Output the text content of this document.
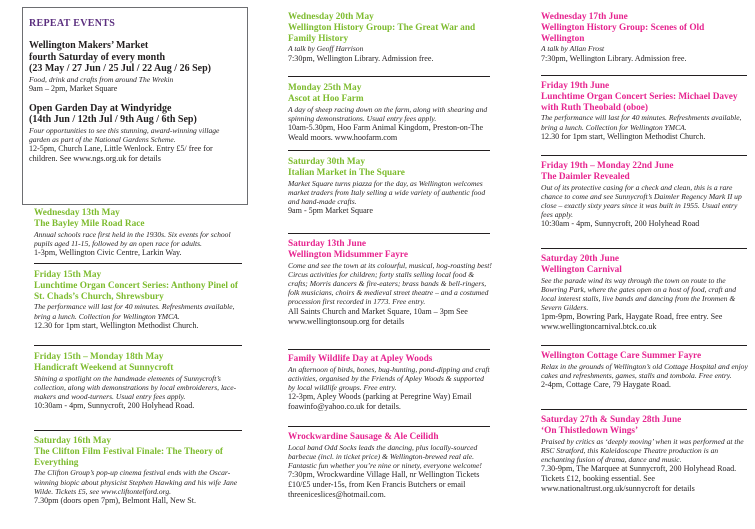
REPEAT EVENTS
Wellington Makers’ Market
fourth Saturday of every month
(23 May / 27 Jun / 25 Jul / 22 Aug / 26 Sep)
Food, drink and crafts from around The Wrekin
9am – 2pm, Market Square
Open Garden Day at Windyridge
(14th Jun / 12th Jul / 9th Aug / 6th Sep)
Four opportunities to see this stunning, award-winning village garden as part of the National Gardens Scheme.
12-5pm, Church Lane, Little Wenlock. Entry £5/ free for children. See www.ngs.org.uk for details
Wednesday 13th May
The Bayley Mile Road Race
Annual schools race first held in the 1930s. Six events for school pupils aged 11-15, followed by an open race for adults.
1-3pm, Wellington Civic Centre, Larkin Way.
Friday 15th May
Lunchtime Organ Concert Series: Anthony Pinel of St. Chads’s Church, Shrewsbury
The performance will last for 40 minutes. Refreshments available, bring a lunch. Collection for Wellington YMCA.
12.30 for 1pm start, Wellington Methodist Church.
Friday 15th – Monday 18th May
Handicraft Weekend at Sunnycroft
Shining a spotlight on the handmade elements of Sunnycroft’s collection, along with demonstrations by local embroiderers, lace-makers and wood-turners. Usual entry fees apply.
10:30am - 4pm, Sunnycroft, 200 Holyhead Road.
Saturday 16th May
The Clifton Film Festival Finale: The Theory of Everything
The Clifton Group’s pop-up cinema festival ends with the Oscar-winning biopic about physicist Stephen Hawking and his wife Jane Wilde. Tickets £5, see www.cliftontelford.org.
7.30pm (doors open 7pm), Belmont Hall, New St.
Wednesday 20th May
Wellington History Group: The Great War and Family History
A talk by Geoff Harrison
7:30pm, Wellington Library. Admission free.
Monday 25th May
Ascot at Hoo Farm
A day of sheep racing down on the farm, along with shearing and spinning demonstrations. Usual entry fees apply.
10am-5.30pm, Hoo Farm Animal Kingdom, Preston-on-The Weald moors. www.hoofarm.com
Saturday 30th May
Italian Market in The Square
Market Square turns piazza for the day, as Wellington welcomes market traders from Italy selling a wide variety of authentic food and hand-made crafts.
9am - 5pm Market Square
Saturday 13th June
Wellington Midsummer Fayre
Come and see the town at its colourful, musical, hog-roasting best! Circus activities for children; forty stalls selling local food & crafts; Morris dancers & fire-eaters; brass bands & bell-ringers, folk musicians, choirs & medieval street theatre – and a costumed procession first recorded in 1773. Free entry.
All Saints Church and Market Square, 10am – 3pm See www.wellingtonsoup.org for details
Family Wildlife Day at Apley Woods
An afternoon of birds, bones, bug-hunting, pond-dipping and craft activities, organised by the Friends of Apley Woods & supported by local wildlife groups. Free entry.
12-3pm, Apley Woods (parking at Peregrine Way) Email foawinfo@yahoo.co.uk for details.
Wrockwardine Sausage & Ale Ceilidh
Local band Odd Socks leads the dancing, plus locally-sourced barbecue (incl. in ticket price) & Wellington-brewed real ale. Fantastic fun whether you’re nine or ninety, everyone welcome!
7:30pm, Wrockwardine Village Hall, nr Wellington Tickets £10/£5 under-15s, from Ken Francis Butchers or email threeniceslices@hotmail.com.
Wednesday 17th June
Wellington History Group: Scenes of Old Wellington
A talk by Allan Frost
7:30pm, Wellington Library. Admission free.
Friday 19th June
Lunchtime Organ Concert Series: Michael Davey with Ruth Theobald (oboe)
The performance will last for 40 minutes. Refreshments available, bring a lunch. Collection for Wellington YMCA.
12.30 for 1pm start, Wellington Methodist Church.
Friday 19th – Monday 22nd June
The Daimler Revealed
Out of its protective casing for a check and clean, this is a rare chance to come and see Sunnycroft’s Daimler Regency Mark II up close – exactly sixty years since it was built in 1955. Usual entry fees apply.
10:30am - 4pm, Sunnycroft, 200 Holyhead Road
Saturday 20th June
Wellington Carnival
See the parade wind its way through the town on route to the Bowring Park, where the gates open on a host of food, craft and local interest stalls, live bands and dancing from the Ironmen & Severn Gilders.
1pm-9pm, Bowring Park, Haygate Road, free entry. See www.wellingtoncarnival.btck.co.uk
Wellington Cottage Care Summer Fayre
Relax in the grounds of Wellington’s old Cottage Hospital and enjoy cakes and refreshments, games, stalls and tombola. Free entry.
2-4pm, Cottage Care, 79 Haygate Road.
Saturday 27th & Sunday 28th June
‘On Thistledown Wings’
Praised by critics as ‘deeply moving’ when it was performed at the RSC Stratford, this Kaleidoscope Theatre production is an enchanting fusion of drama, dance and music.
7.30-9pm, The Marquee at Sunnycroft, 200 Holyhead Road. Tickets £12, booking essential. See www.nationaltrust.org.uk/sunnycroft for details
